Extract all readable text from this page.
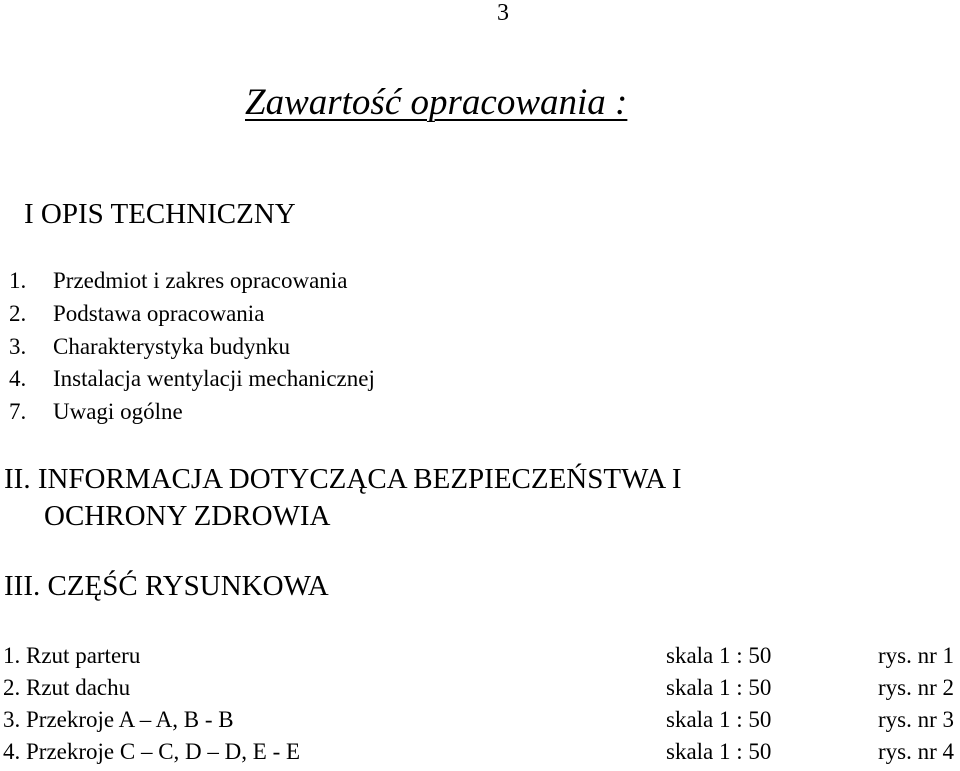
3
Zawartość opracowania :
I OPIS TECHNICZNY
1. Przedmiot i zakres opracowania
2. Podstawa opracowania
3. Charakterystyka budynku
4. Instalacja wentylacji mechanicznej
7. Uwagi ogólne
II. INFORMACJA DOTYCZĄCA BEZPIECZEŃSTWA I
OCHRONY ZDROWIA
III. CZĘŚĆ RYSUNKOWA
1. Rzut parteru	skala 1 : 50	rys. nr 1
2. Rzut dachu	skala 1 : 50	rys. nr 2
3. Przekroje A – A, B - B	skala 1 : 50	rys. nr 3
4. Przekroje C – C, D – D, E - E	skala 1 : 50	rys. nr 4
